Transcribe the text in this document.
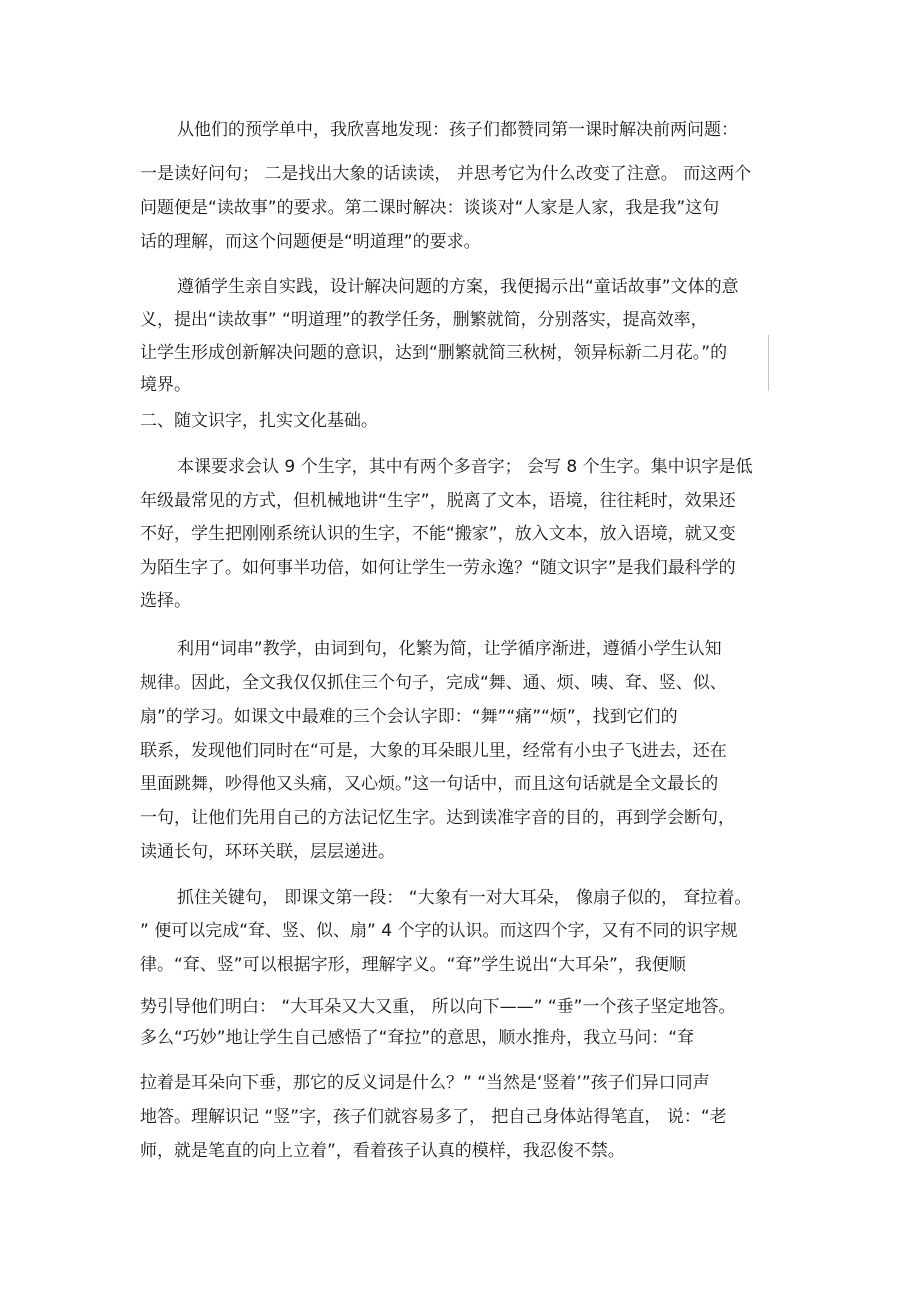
从他们的预学单中，我欣喜地发现：孩子们都赞同第一课时解决前两问题：

一是读好问句； 二是找出大象的话读读， 并思考它为什么改变了注意。 而这两个

问题便是“读故事”的要求。第二课时解决：谈谈对“人家是人家，我是我”这句

话的理解，而这个问题便是“明道理”的要求。

遵循学生亲自实践，设计解决问题的方案，我便揭示出“童话故事”文体的意

义，提出“读故事” “明道理”的教学任务，删繁就简，分别落实，提高效率，

让学生形成创新解决问题的意识，达到“删繁就简三秋树，领异标新二月花。”的

境界。

二、随文识字，扎实文化基础。

本课要求会认 9 个生字，其中有两个多音字； 会写 8 个生字。集中识字是低

年级最常见的方式，但机械地讲“生字”，脱离了文本，语境，往往耗时，效果还

不好，学生把刚刚系统认识的生字，不能“搬家”，放入文本，放入语境，就又变

为陌生字了。如何事半功倍，如何让学生一劳永逸？“随文识字”是我们最科学的

选择。

利用“词串”教学，由词到句，化繁为简，让学循序渐进，遵循小学生认知

规律。因此，全文我仅仅抓住三个句子，完成“舞、通、烦、咦、耷、竖、似、

扇”的学习。如课文中最难的三个会认字即：“舞”“痛”“烦”，找到它们的

联系，发现他们同时在“可是，大象的耳朵眼儿里，经常有小虫子飞进去，还在

里面跳舞，吵得他又头痛，又心烦。”这一句话中，而且这句话就是全文最长的

一句，让他们先用自己的方法记忆生字。达到读准字音的目的，再到学会断句，

读通长句，环环关联，层层递进。

抓住关键句， 即课文第一段： “大象有一对大耳朵， 像扇子似的， 耷拉着。

” 便可以完成“耷、竖、似、扇” 4 个字的认识。而这四个字，又有不同的识字规

律。“耷、竖”可以根据字形，理解字义。“耷”学生说出“大耳朵”，我便顺

势引导他们明白： “大耳朵又大又重， 所以向下——” “垂”一个孩子坚定地答。

多么“巧妙”地让学生自己感悟了“耷拉”的意思，顺水推舟，我立马问：“耷

拉着是耳朵向下垂，那它的反义词是什么？” “当然是‘竖着’”孩子们异口同声

地答。理解识记 “竖”字，孩子们就容易多了， 把自己身体站得笔直， 说：“老

师，就是笔直的向上立着”，看着孩子认真的模样，我忍俊不禁。
